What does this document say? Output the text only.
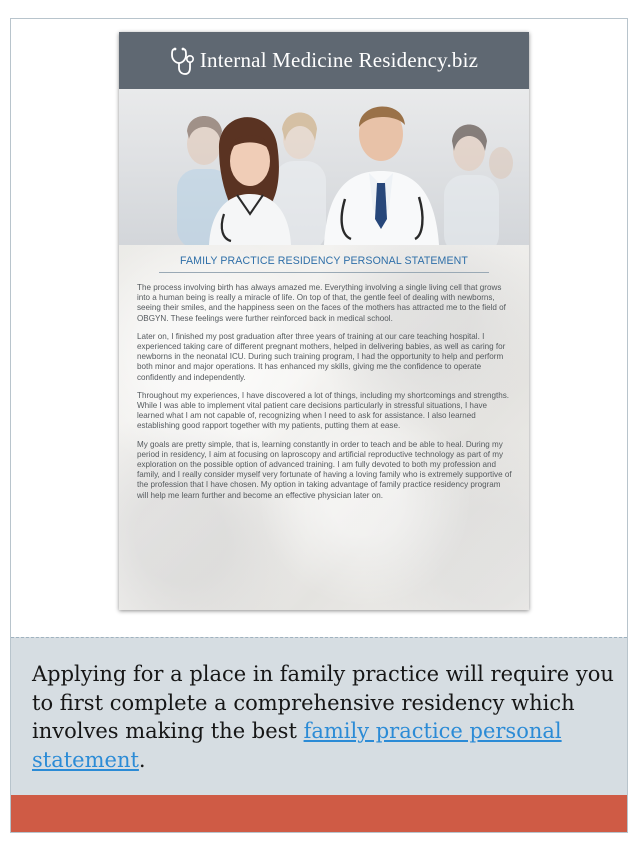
Internal Medicine Residency.biz
FAMILY PRACTICE RESIDENCY PERSONAL STATEMENT

The process involving birth has always amazed me. Everything involving a single living cell that grows into a human being is really a miracle of life. On top of that, the gentle feel of dealing with newborns, seeing their smiles, and the happiness seen on the faces of the mothers has attracted me to the field of OBGYN. These feelings were further reinforced back in medical school.

Later on, I finished my post graduation after three years of training at our care teaching hospital. I experienced taking care of different pregnant mothers, helped in delivering babies, as well as caring for newborns in the neonatal ICU. During such training program, I had the opportunity to help and perform both minor and major operations. It has enhanced my skills, giving me the confidence to operate confidently and independently.

Throughout my experiences, I have discovered a lot of things, including my shortcomings and strengths. While I was able to implement vital patient care decisions particularly in stressful situations, I have learned what I am not capable of, recognizing when I need to ask for assistance. I also learned establishing good rapport together with my patients, putting them at ease.

My goals are pretty simple, that is, learning constantly in order to teach and be able to heal. During my period in residency, I aim at focusing on laproscopy and artificial reproductive technology as part of my exploration on the possible option of advanced training. I am fully devoted to both my profession and family, and I really consider myself very fortunate of having a loving family who is extremely supportive of the profession that I have chosen. My option in taking advantage of family practice residency program will help me learn further and become an effective physician later on.

Applying for a place in family practice will require you to first complete a comprehensive residency which involves making the best family practice personal statement.
